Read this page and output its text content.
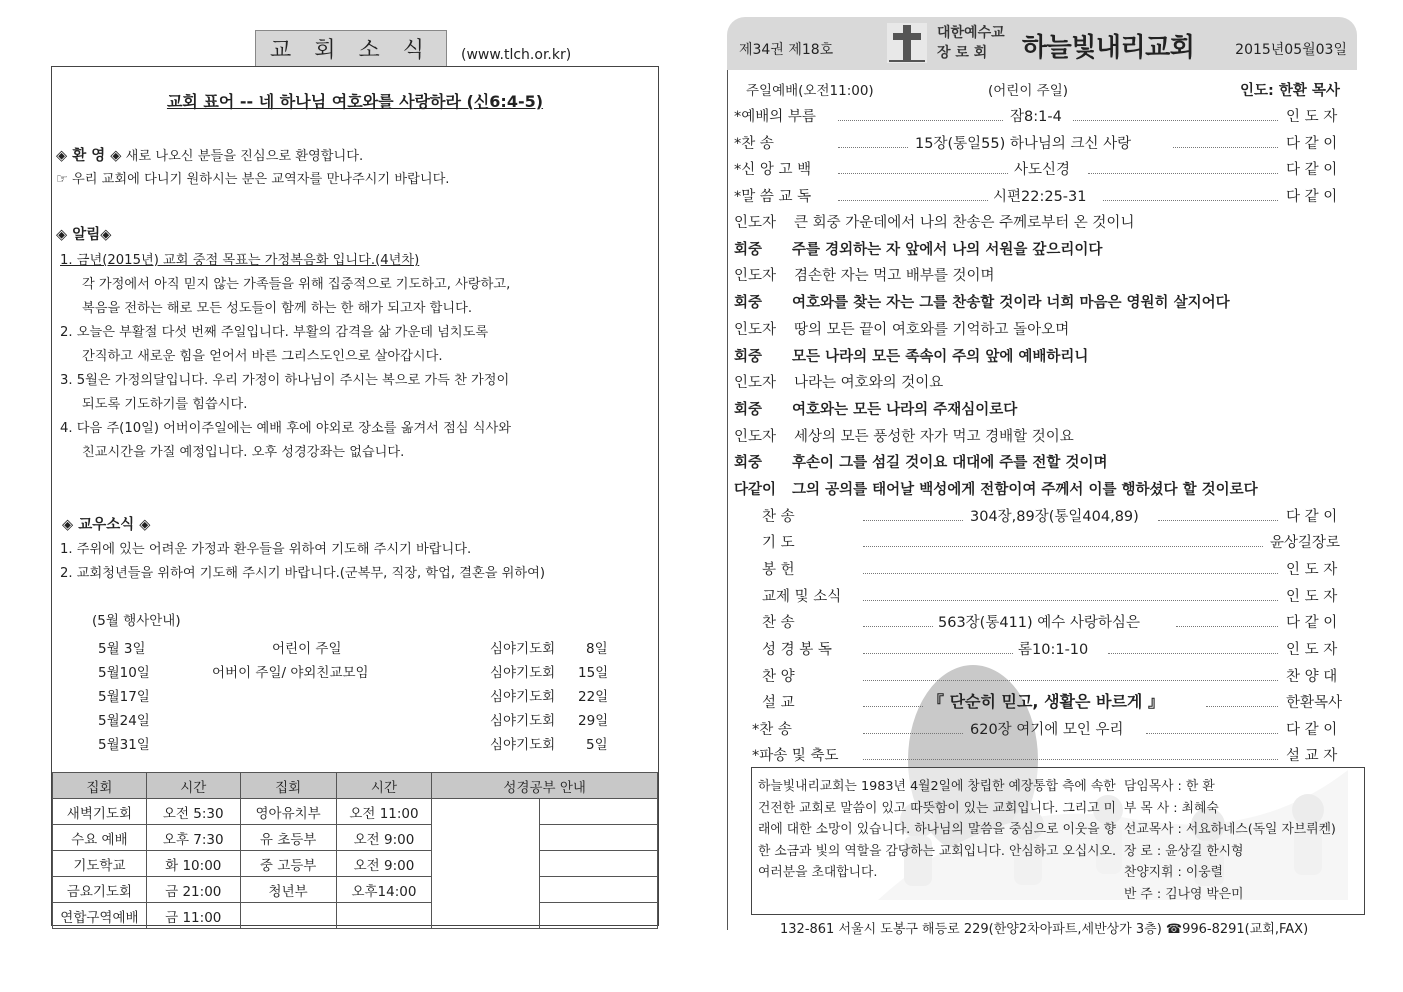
교 회 소 식	(www.tlch.or.kr)
교회 표어 -- 네 하나님 여호와를 사랑하라 (신6:4-5)
◈ 환 영 ◈ 새로 나오신 분들을 진심으로 환영합니다.
☞ 우리 교회에 다니기 원하시는 분은 교역자를 만나주시기 바랍니다.
◈ 알림◈
1. 금년(2015년) 교회 중점 목표는 가정복음화 입니다.(4년차)
각 가정에서 아직 믿지 않는 가족들을 위해 집중적으로 기도하고, 사랑하고,
복음을 전하는 해로 모든 성도들이 함께 하는 한 해가 되고자 합니다.
2. 오늘은 부활절 다섯 번째 주일입니다. 부활의 감격을 삶 가운데 넘치도록
간직하고 새로운 힘을 얻어서 바른 그리스도인으로 살아갑시다.
3. 5월은 가정의달입니다. 우리 가정이 하나님이 주시는 복으로 가득 찬 가정이
되도록 기도하기를 힘씁시다.
4. 다음 주(10일) 어버이주일에는 예배 후에 야외로 장소를 옮겨서 점심 식사와
친교시간을 가질 예정입니다. 오후 성경강좌는 없습니다.
◈ 교우소식 ◈
1. 주위에 있는 어려운 가정과 환우들을 위하여 기도해 주시기 바랍니다.
2. 교회청년들을 위하여 기도해 주시기 바랍니다.(군복무, 직장, 학업, 결혼을 위하여)
(5월 행사안내)
5월 3일	어린이 주일	심야기도회 8일
5월10일	어버이 주일/ 야외친교모임	심야기도회 15일
5월17일	심야기도회 22일
5월24일	심야기도회 29일
5월31일	심야기도회 5일
집회	시간	집회	시간	성경공부 안내	
새벽기도회	오전 5:30	영아유치부	오전 11:00		
수요 예배	오후 7:30	유 초등부	오전 9:00		
기도학교	화 10:00	중 고등부	오전 9:00		
금요기도회	금 21:00	청년부	오후14:00		
연합구역예배	금 11:00				
제34권 제18호
대한예수교
장 로 회	하늘빛내리교회	2015년05월03일
주일예배(오전11:00)	(어린이 주일)	인도: 한환 목사
*예배의 부름	잠8:1-4	인 도 자
*찬 송	15장(통일55) 하나님의 크신 사랑	다 같 이
*신 앙 고 백	사도신경	다 같 이
*말 씀 교 독	시편22:25-31	다 같 이
인도자 큰 회중 가운데에서 나의 찬송은 주께로부터 온 것이니
회중 주를 경외하는 자 앞에서 나의 서원을 갚으리이다
인도자 겸손한 자는 먹고 배부를 것이며
회중 여호와를 찾는 자는 그를 찬송할 것이라 너희 마음은 영원히 살지어다
인도자 땅의 모든 끝이 여호와를 기억하고 돌아오며
회중 모든 나라의 모든 족속이 주의 앞에 예배하리니
인도자 나라는 여호와의 것이요
회중 여호와는 모든 나라의 주재심이로다
인도자 세상의 모든 풍성한 자가 먹고 경배할 것이요
회중 후손이 그를 섬길 것이요 대대에 주를 전할 것이며
다같이 그의 공의를 태어날 백성에게 전함이여 주께서 이를 행하셨다 할 것이로다
찬 송	304장,89장(통일404,89)	다 같 이
기 도	윤상길장로
봉 헌	인 도 자
교제 및 소식	인 도 자
찬 송	563장(통411) 예수 사랑하심은	다 같 이
성 경 봉 독	롬10:1-10	인 도 자
찬 양	찬 양 대
설 교	『 단순히 믿고, 생활은 바르게 』	한환목사
*찬 송	620장 여기에 모인 우리	다 같 이
*파송 및 축도	설 교 자
하늘빛내리교회는 1983년 4월2일에 창립한 예장통합 측에 속한 건전한 교회로 말씀이 있고 따뜻함이 있는 교회입니다. 그리고 미래에 대한 소망이 있습니다. 하나님의 말씀을 중심으로 이웃을 향한 소금과 빛의 역할을 감당하는 교회입니다. 안심하고 오십시오.
여러분을 초대합니다.
담임목사 : 한 환
부 목 사 : 최혜숙
선교목사 : 서요하네스(독일 자브뤼켄)
장 로 : 윤상길 한시형
찬양지휘 : 이웅렬
반 주 : 김나영 박은미
132-861 서울시 도봉구 해등로 229(한양2차아파트,세반상가 3층) ☎996-8291(교회,FAX)
